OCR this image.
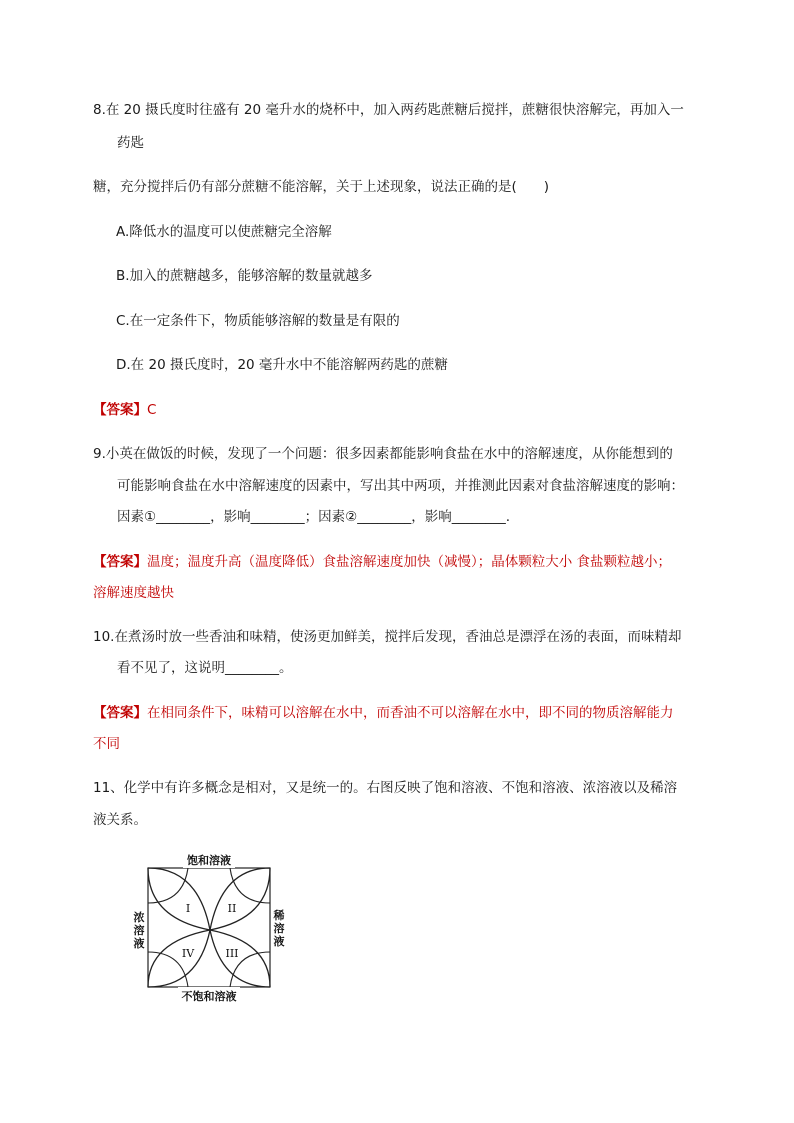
8.在 20 摄氏度时往盛有 20 毫升水的烧杯中，加入两药匙蔗糖后搅拌，蔗糖很快溶解完，再加入一
药匙
糖，充分搅拌后仍有部分蔗糖不能溶解，关于上述现象，说法正确的是(　　)
A.降低水的温度可以使蔗糖完全溶解
B.加入的蔗糖越多，能够溶解的数量就越多
C.在一定条件下，物质能够溶解的数量是有限的
D.在 20 摄氏度时，20 毫升水中不能溶解两药匙的蔗糖
【答案】C
9.小英在做饭的时候，发现了一个问题：很多因素都能影响食盐在水中的溶解速度，从你能想到的
可能影响食盐在水中溶解速度的因素中，写出其中两项，并推测此因素对食盐溶解速度的影响：
因素①________，影响________；因素②________，影响________.
【答案】温度；温度升高（温度降低）食盐溶解速度加快（减慢）；晶体颗粒大小 食盐颗粒越小；
溶解速度越快
10.在煮汤时放一些香油和味精，使汤更加鲜美，搅拌后发现，香油总是漂浮在汤的表面，而味精却
看不见了，这说明________。
【答案】在相同条件下，味精可以溶解在水中，而香油不可以溶解在水中，即不同的物质溶解能力
不同
11、化学中有许多概念是相对，又是统一的。右图反映了饱和溶液、不饱和溶液、浓溶液以及稀溶
液关系。
饱和溶液
不饱和溶液
浓
溶
液
稀
溶
液
I	II
III
IV
